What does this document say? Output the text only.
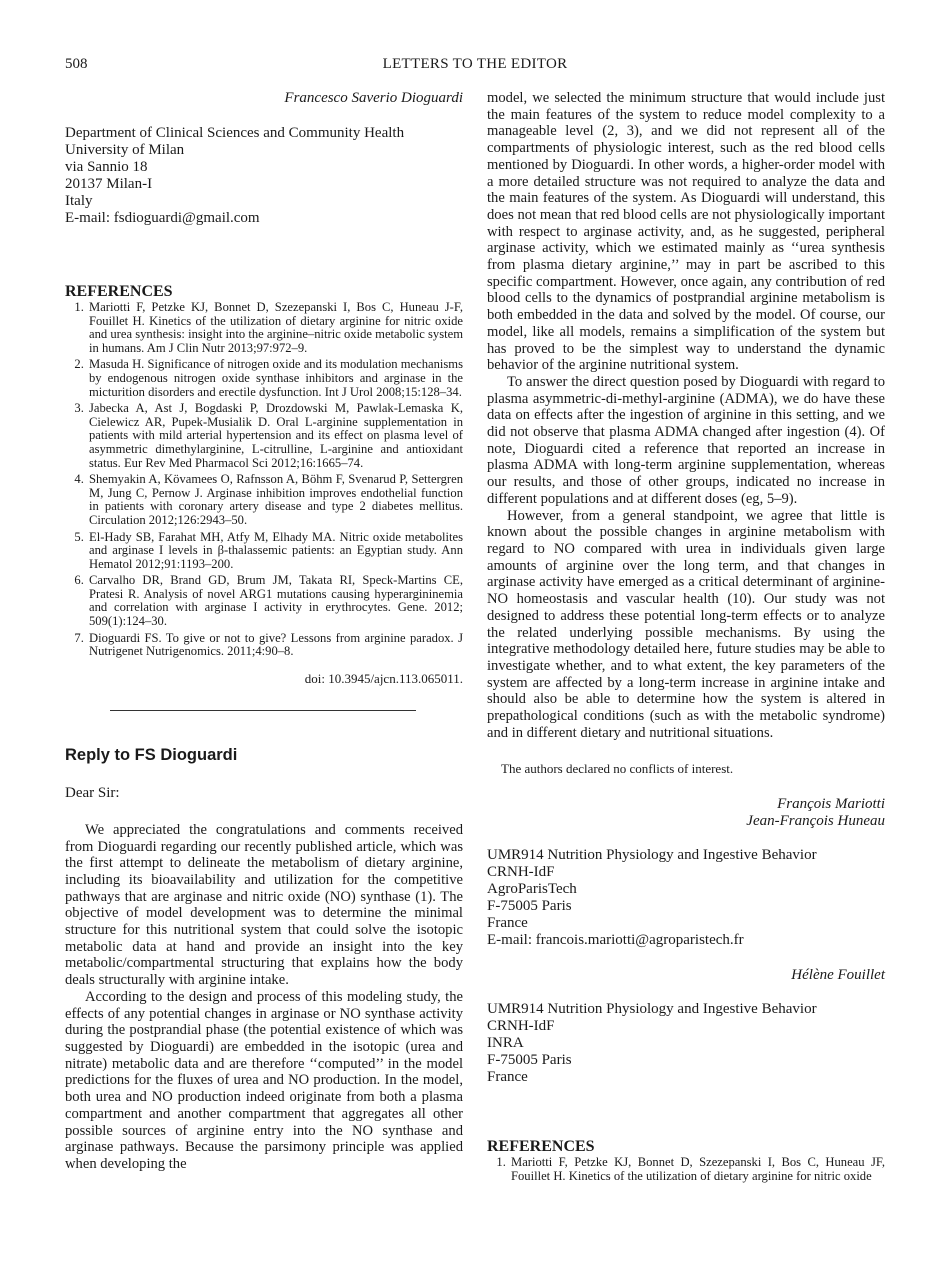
508	LETTERS TO THE EDITOR
Francesco Saverio Dioguardi
Department of Clinical Sciences and Community Health
University of Milan
via Sannio 18
20137 Milan-I
Italy
E-mail: fsdioguardi@gmail.com
REFERENCES
1. Mariotti F, Petzke KJ, Bonnet D, Szezepanski I, Bos C, Huneau J-F, Fouillet H. Kinetics of the utilization of dietary arginine for nitric oxide and urea synthesis: insight into the arginine–nitric oxide metabolic system in humans. Am J Clin Nutr 2013;97:972–9.
2. Masuda H. Significance of nitrogen oxide and its modulation mechanisms by endogenous nitrogen oxide synthase inhibitors and arginase in the micturition disorders and erectile dysfunction. Int J Urol 2008;15:128–34.
3. Jabecka A, Ast J, Bogdaski P, Drozdowski M, Pawlak-Lemaska K, Cielewicz AR, Pupek-Musialik D. Oral L-arginine supplementation in patients with mild arterial hypertension and its effect on plasma level of asymmetric dimethylarginine, L-citrulline, L-arginine and antioxidant status. Eur Rev Med Pharmacol Sci 2012;16:1665–74.
4. Shemyakin A, Kövamees O, Rafnsson A, Böhm F, Svenarud P, Settergren M, Jung C, Pernow J. Arginase inhibition improves endothelial function in patients with coronary artery disease and type 2 diabetes mellitus. Circulation 2012;126:2943–50.
5. El-Hady SB, Farahat MH, Atfy M, Elhady MA. Nitric oxide metabolites and arginase I levels in β-thalassemic patients: an Egyptian study. Ann Hematol 2012;91:1193–200.
6. Carvalho DR, Brand GD, Brum JM, Takata RI, Speck-Martins CE, Pratesi R. Analysis of novel ARG1 mutations causing hyperargininemia and correlation with arginase I activity in erythrocytes. Gene. 2012; 509(1):124–30.
7. Dioguardi FS. To give or not to give? Lessons from arginine paradox. J Nutrigenet Nutrigenomics. 2011;4:90–8.
doi: 10.3945/ajcn.113.065011.
Reply to FS Dioguardi
Dear Sir:

We appreciated the congratulations and comments received from Dioguardi regarding our recently published article, which was the first attempt to delineate the metabolism of dietary arginine, including its bioavailability and utilization for the competitive pathways that are arginase and nitric oxide (NO) synthase (1). The objective of model development was to determine the minimal structure for this nutritional system that could solve the isotopic metabolic data at hand and provide an insight into the key metabolic/compartmental structuring that explains how the body deals structurally with arginine intake.

According to the design and process of this modeling study, the effects of any potential changes in arginase or NO synthase activity during the postprandial phase (the potential existence of which was suggested by Dioguardi) are embedded in the isotopic (urea and nitrate) metabolic data and are therefore ‘‘computed’’ in the model predictions for the fluxes of urea and NO production. In the model, both urea and NO production indeed originate from both a plasma compartment and another compartment that aggregates all other possible sources of arginine entry into the NO synthase and arginase pathways. Because the parsimony principle was applied when developing the

model, we selected the minimum structure that would include just the main features of the system to reduce model complexity to a manageable level (2, 3), and we did not represent all of the compartments of physiologic interest, such as the red blood cells mentioned by Dioguardi. In other words, a higher-order model with a more detailed structure was not required to analyze the data and the main features of the system. As Dioguardi will understand, this does not mean that red blood cells are not physiologically important with respect to arginase activity, and, as he suggested, peripheral arginase activity, which we estimated mainly as ‘‘urea synthesis from plasma dietary arginine,’’ may in part be ascribed to this specific compartment. However, once again, any contribution of red blood cells to the dynamics of postprandial arginine metabolism is both embedded in the data and solved by the model. Of course, our model, like all models, remains a simplification of the system but has proved to be the simplest way to understand the dynamic behavior of the arginine nutritional system.

To answer the direct question posed by Dioguardi with regard to plasma asymmetric-di-methyl-arginine (ADMA), we do have these data on effects after the ingestion of arginine in this setting, and we did not observe that plasma ADMA changed after ingestion (4). Of note, Dioguardi cited a reference that reported an increase in plasma ADMA with long-term arginine supplementation, whereas our results, and those of other groups, indicated no increase in different populations and at different doses (eg, 5–9).

However, from a general standpoint, we agree that little is known about the possible changes in arginine metabolism with regard to NO compared with urea in individuals given large amounts of arginine over the long term, and that changes in arginase activity have emerged as a critical determinant of arginine-NO homeostasis and vascular health (10). Our study was not designed to address these potential long-term effects or to analyze the related underlying possible mechanisms. By using the integrative methodology detailed here, future studies may be able to investigate whether, and to what extent, the key parameters of the system are affected by a long-term increase in arginine intake and should also be able to determine how the system is altered in prepathological conditions (such as with the metabolic syndrome) and in different dietary and nutritional situations.

The authors declared no conflicts of interest.
François Mariotti
Jean-François Huneau
UMR914 Nutrition Physiology and Ingestive Behavior
CRNH-IdF
AgroParisTech
F-75005 Paris
France
E-mail: francois.mariotti@agroparistech.fr
Hélène Fouillet
UMR914 Nutrition Physiology and Ingestive Behavior
CRNH-IdF
INRA
F-75005 Paris
France
REFERENCES
1. Mariotti F, Petzke KJ, Bonnet D, Szezepanski I, Bos C, Huneau JF, Fouillet H. Kinetics of the utilization of dietary arginine for nitric oxide
